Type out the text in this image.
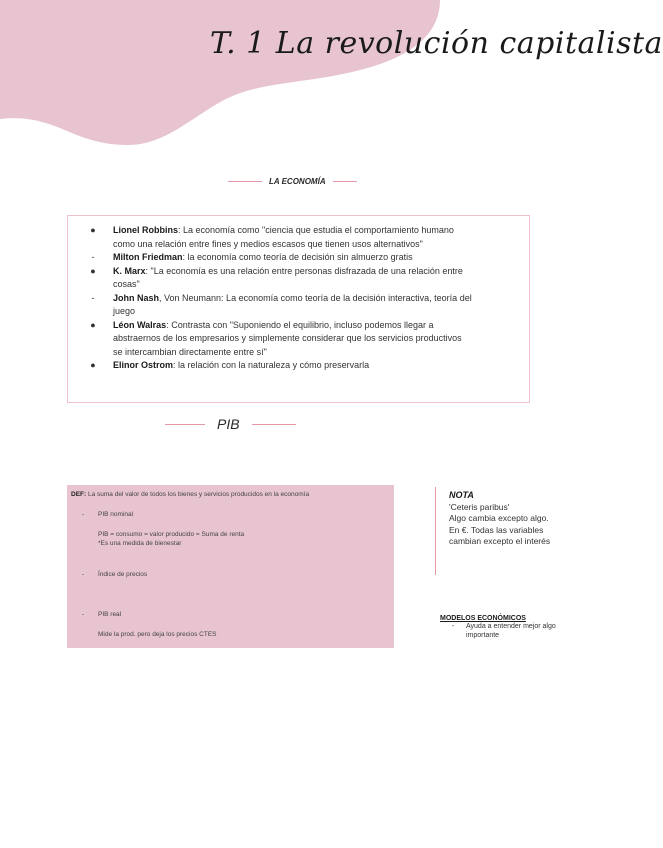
T. 1 La revolución capitalista
LA ECONOMÍA
● Lionel Robbins: La economía como "ciencia que estudia el comportamiento humano
como una relación entre fines y medios escasos que tienen usos alternativos"
-	Milton Friedman: la economía como teoría de decisión sin almuerzo gratis
● K. Marx: "La economía es una relación entre personas disfrazada de una relación entre
cosas"
-	John Nash, Von Neumann: La economía como teoría de la decisión interactiva, teoría del
juego
● Léon Walras: Contrasta con "Suponiendo el equilibrio, incluso podemos llegar a
abstraernos de los empresarios y simplemente considerar que los servicios productivos
se intercambian directamente entre sí"
● Elinor Ostrom: la relación con la naturaleza y cómo preservarla
PIB
DEF: La suma del valor de todos los bienes y servicios producidos en la economía
- PIB nominal
PIB = consumo = valor producido = Suma de renta
*Es una medida de bienestar
- Índice de precios
- PIB real
Mide la prod. pero deja los precios CTES
NOTA
'Ceteris paribus'
Algo cambia excepto algo.
En €. Todas las variables
cambian excepto el interés
MODELOS ECONÓMICOS
- Ayuda a entender mejor algo
importante
